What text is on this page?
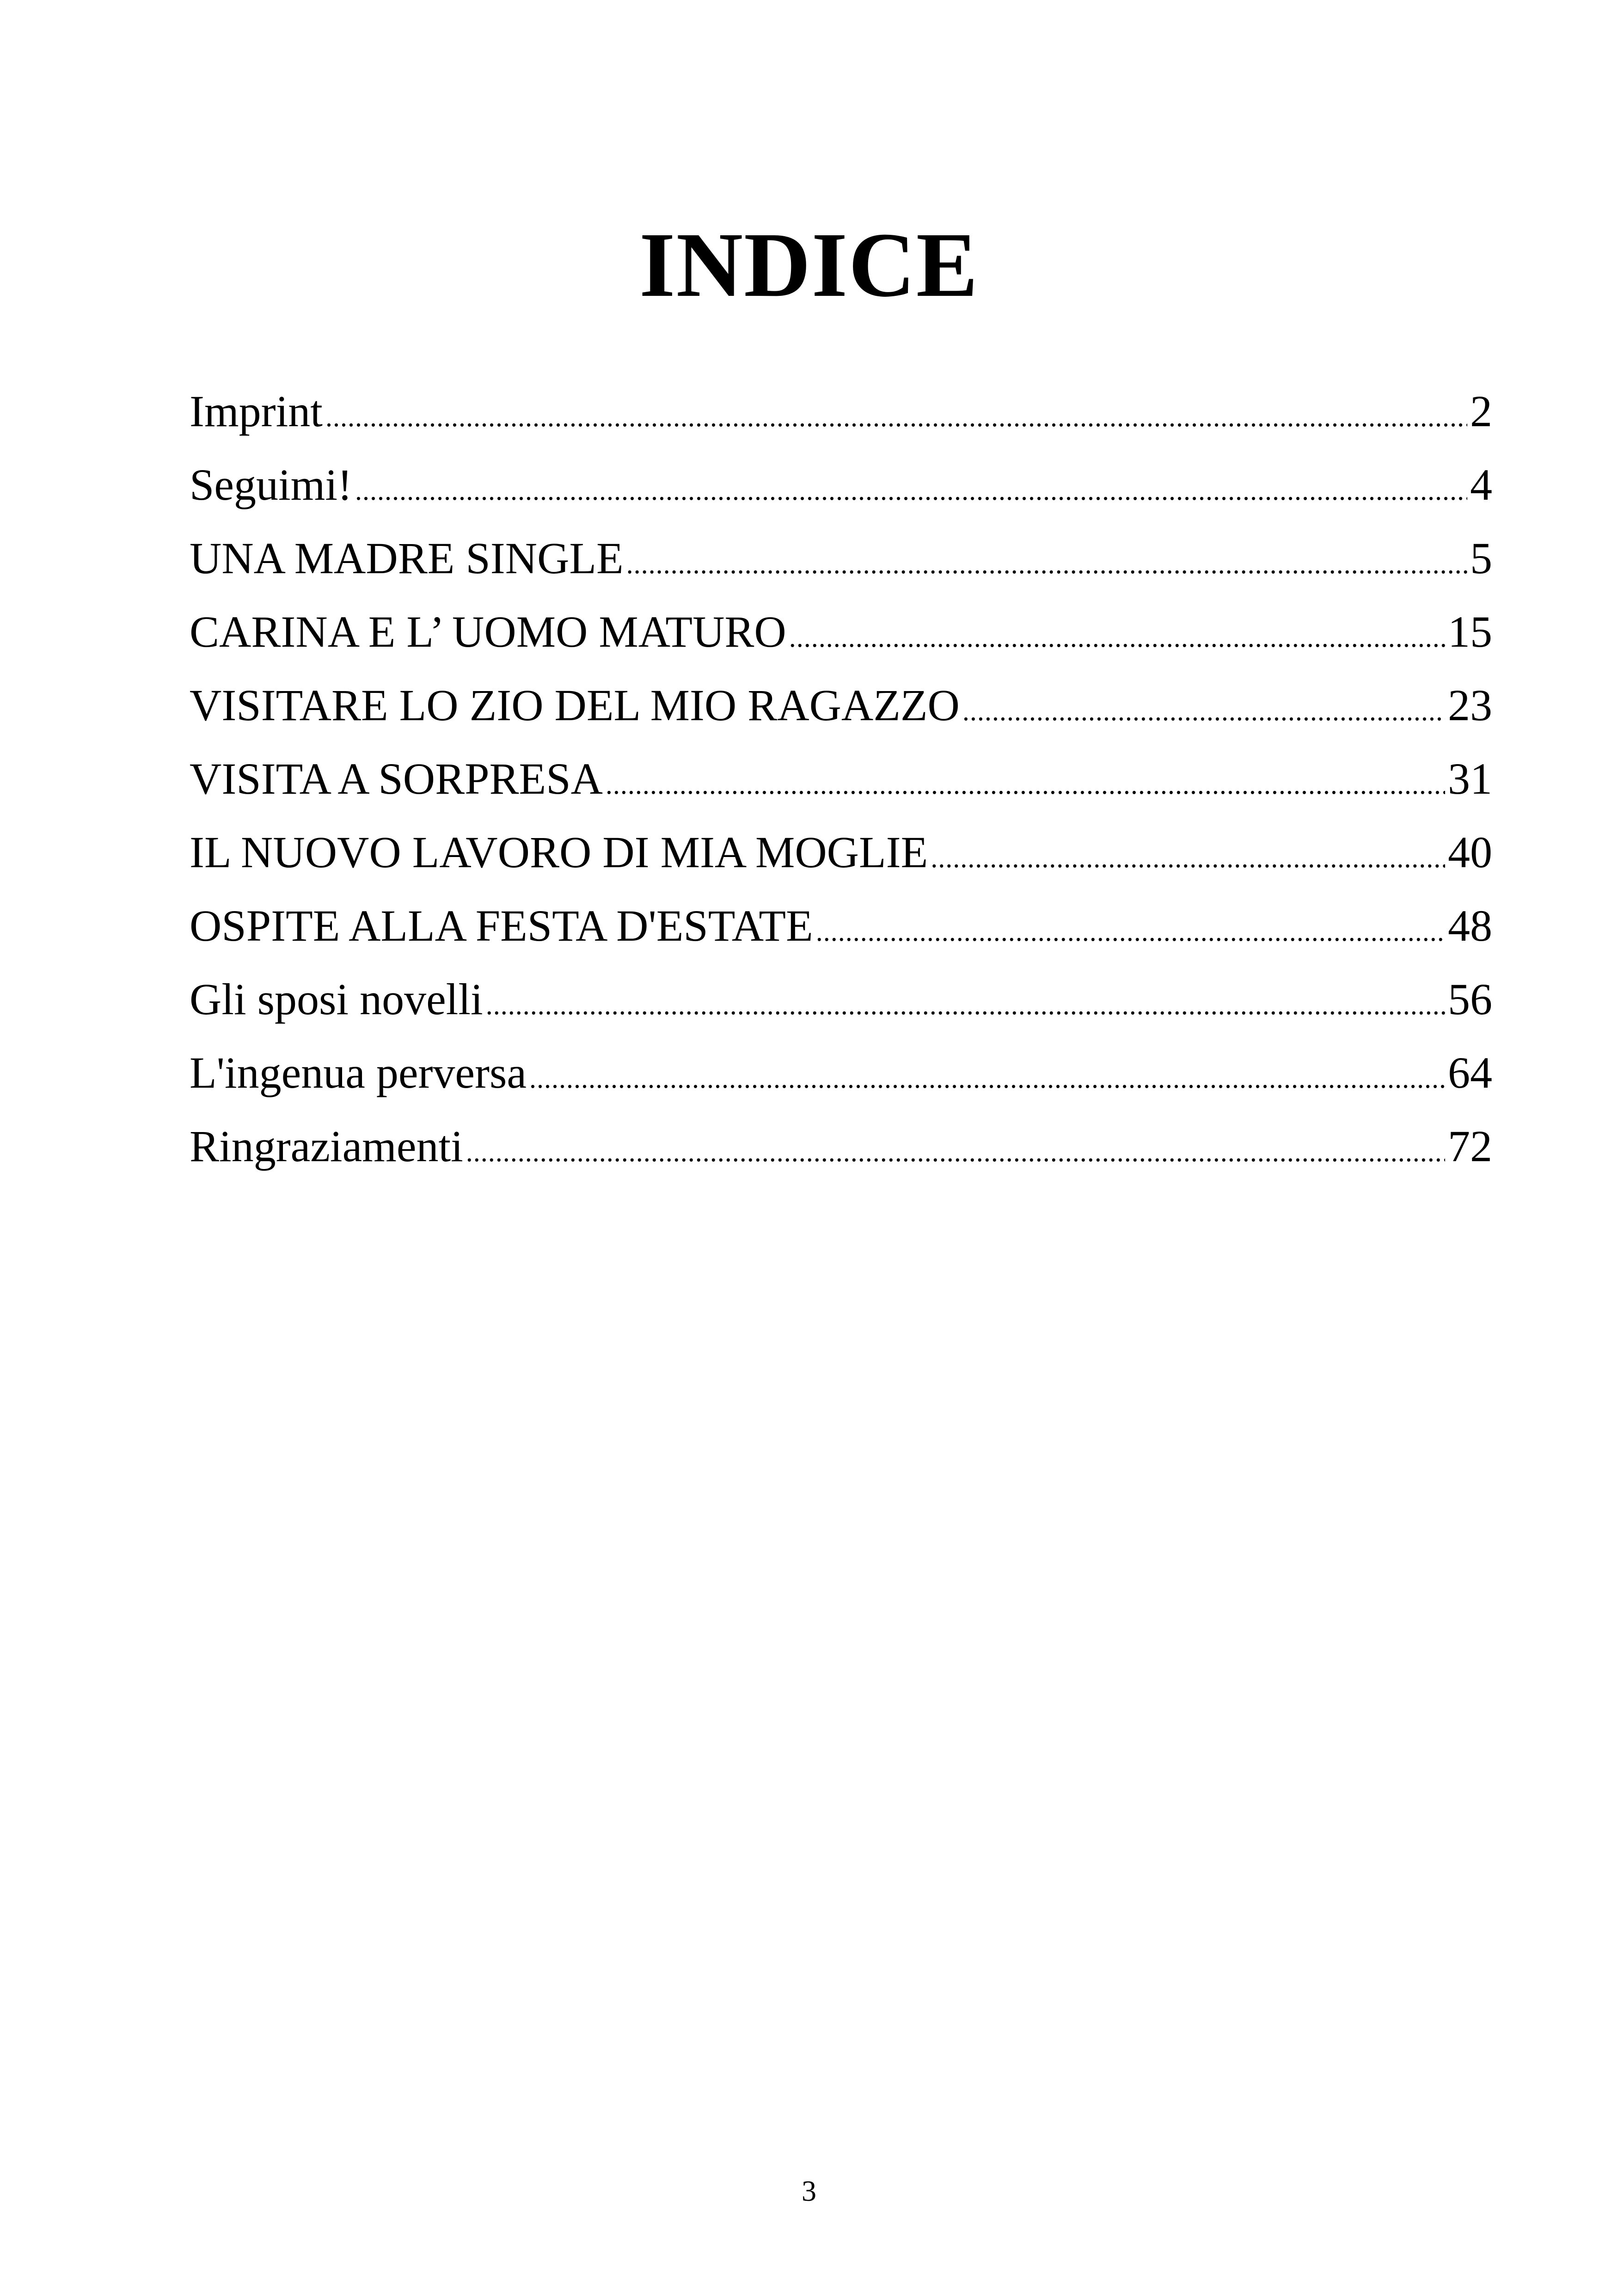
INDICE
Imprint .....	2
Seguimi! .....	4
UNA MADRE SINGLE .....	5
CARINA E L’ UOMO MATURO .....	15
VISITARE LO ZIO DEL MIO RAGAZZO .....	23
VISITA A SORPRESA .....	31
IL NUOVO LAVORO DI MIA MOGLIE .....	40
OSPITE ALLA FESTA D'ESTATE .....	48
Gli sposi novelli .....	56
L'ingenua perversa .....	64
Ringraziamenti .....	72
3
